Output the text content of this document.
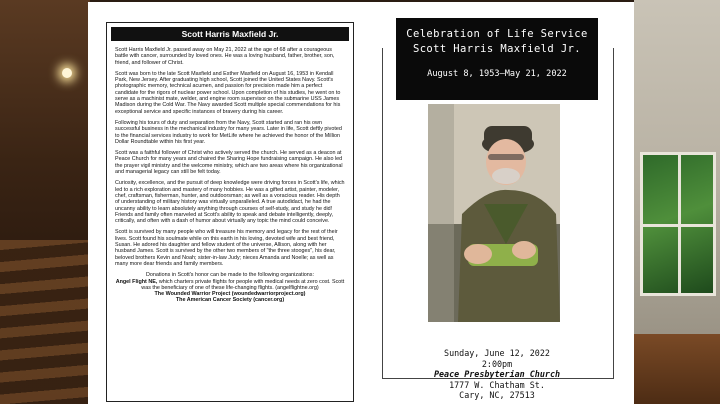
Scott Harris Maxfield Jr.

Scott Harris Maxfield Jr. passed away on May 21, 2022 at the age of 68 after a courageous battle with cancer, surrounded by loved ones. He was a loving husband, father, brother, son, friend, and follower of Christ.

Scott was born to the late Scott Maxfield and Esther Maxfield on August 16, 1953 in Kendall Park, New Jersey. After graduating high school, Scott joined the United States Navy. Scott's photographic memory, technical acumen, and passion for precision made him a perfect candidate for the rigors of nuclear power school. Upon completion of his studies, he went on to serve as a machinist mate, welder, and engine room supervisor on the submarine USS James Madison during the Cold War. The Navy awarded Scott multiple special commendations for his exceptional service and specific instances of bravery during his career.

Following his tours of duty and separation from the Navy, Scott started and ran his own successful business in the mechanical industry for many years. Later in life, Scott deftly pivoted to the financial services industry to work for MetLife where he achieved the honor of the Million Dollar Roundtable within his first year.

Scott was a faithful follower of Christ who actively served the church. He served as a deacon at Peace Church for many years and chaired the Sharing Hope fundraising campaign. He also led the prayer vigil ministry and the welcome ministry, which are two areas where his organizational and managerial legacy can still be felt today.

Curiosity, excellence, and the pursuit of deep knowledge were driving forces in Scott's life, which led to a rich exploration and mastery of many hobbies. He was a gifted artist, painter, modeler, chef, craftsman, fisherman, hunter, and outdoorsman; as well as a voracious reader. His depth of understanding of military history was virtually unparalleled. A true autodidact, he had the uncanny ability to learn absolutely anything through courses of self-study, and study he did! Friends and family often marveled at Scott's ability to speak and debate intelligently, deeply, critically, and often with a dash of humor about virtually any topic the mind could conceive.

Scott is survived by many people who will treasure his memory and legacy for the rest of their lives. Scott found his soulmate while on this earth in his loving, devoted wife and best friend, Susan. He adored his daughter and fellow student of the universe, Allison, along with her husband James. Scott is survived by the other two members of "the three stooges", his dear, beloved brothers Kevin and Noah; sister-in-law Judy; nieces Amanda and Noelle; as well as many more dear friends and family members.

Donations in Scott's honor can be made to the following organizations:
Angel Flight NE, which charters private flights for people with medical needs at zero cost. Scott was the beneficiary of one of these life-changing flights. (angelflightne.org)
The Wounded Warrior Project (woundedwarriorproject.org)
The American Cancer Society (cancer.org)
Celebration of Life Service
Scott Harris Maxfield Jr.
August 8, 1953—May 21, 2022
Sunday, June 12, 2022
2:00pm
Peace Presbyterian Church
1777 W. Chatham St.
Cary, NC, 27513
